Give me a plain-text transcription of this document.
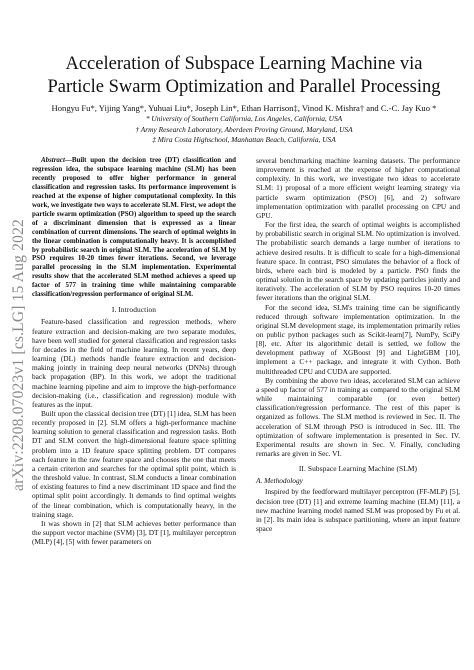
arXiv:2208.07023v1 [cs.LG] 15 Aug 2022
Acceleration of Subspace Learning Machine via
Particle Swarm Optimization and Parallel Processing
Hongyu Fu*, Yijing Yang*, Yuhuai Liu*, Joseph Lin*, Ethan Harrison‡, Vinod K. Mishra† and C.-C. Jay Kuo *
* University of Southern California, Los Angeles, California, USA
† Army Research Laboratory, Aberdeen Proving Ground, Maryland, USA
‡ Mira Costa Highschool, Manhattan Beach, California, USA

Abstract—Built upon the decision tree (DT) classification and regression idea, the subspace learning machine (SLM) has been recently proposed to offer higher performance in general classification and regression tasks. Its performance improvement is reached at the expense of higher computational complexity. In this work, we investigate two ways to accelerate SLM. First, we adopt the particle swarm optimization (PSO) algorithm to speed up the search of a discriminant dimension that is expressed as a linear combination of current dimensions. The search of optimal weights in the linear combination is computationally heavy. It is accomplished by probabilistic search in original SLM. The acceleration of SLM by PSO requires 10-20 times fewer iterations. Second, we leverage parallel processing in the SLM implementation. Experimental results show that the accelerated SLM method achieves a speed up factor of 577 in training time while maintaining comparable classification/regression performance of original SLM.

I. Introduction

Feature-based classification and regression methods, where feature extraction and decision-making are two separate modules, have been well studied for general classification and regression tasks for decades in the field of machine learning. In recent years, deep learning (DL) methods handle feature extraction and decision-making jointly in training deep neural networks (DNNs) through back propagation (BP). In this work, we adopt the traditional machine learning pipeline and aim to improve the high-performance decision-making (i.e., classification and regression) module with features as the input.

Built upon the classical decision tree (DT) [1] idea, SLM has been recently proposed in [2]. SLM offers a high-performance machine learning solution to general classification and regression tasks. Both DT and SLM convert the high-dimensional feature space splitting problem into a 1D feature space splitting problem. DT compares each feature in the raw feature space and chooses the one that meets a certain criterion and searches for the optimal split point, which is the threshold value. In contrast, SLM conducts a linear combination of existing features to find a new discriminant 1D space and find the optimal split point accordingly. It demands to find optimal weights of the linear combination, which is computationally heavy, in the training stage.

It was shown in [2] that SLM achieves better performance than the support vector machine (SVM) [3], DT [1], multilayer perceptron (MLP) [4], [5] with fewer parameters on

several benchmarking machine learning datasets. The performance improvement is reached at the expense of higher computational complexity. In this work, we investigate two ideas to accelerate SLM: 1) proposal of a more efficient weight learning strategy via particle swarm optimization (PSO) [6], and 2) software implementation optimization with parallel processing on CPU and GPU.

For the first idea, the search of optimal weights is accomplished by probabilistic search in original SLM. No optimization is involved. The probabilistic search demands a large number of iterations to achieve desired results. It is difficult to scale for a high-dimensional feature space. In contrast, PSO simulates the behavior of a flock of birds, where each bird is modeled by a particle. PSO finds the optimal solution in the search space by updating particles jointly and iteratively. The acceleration of SLM by PSO requires 10-20 times fewer iterations than the original SLM.

For the second idea, SLM's training time can be significantly reduced through software implementation optimization. In the original SLM development stage, its implementation primarily relies on public python packages such as Scikit-learn[7], NumPy, SciPy [8], etc. After its algorithmic detail is settled, we follow the development pathway of XGBoost [9] and LightGBM [10], implement a C++ package, and integrate it with Cython. Both multithreaded CPU and CUDA are supported.

By combining the above two ideas, accelerated SLM can achieve a speed up factor of 577 in training as compared to the original SLM while maintaining comparable (or even better) classification/regression performance. The rest of this paper is organized as follows. The SLM method is reviewed in Sec. II. The acceleration of SLM through PSO is introduced in Sec. III. The optimization of software implementation is presented in Sec. IV. Experimental results are shown in Sec. V. Finally, concluding remarks are given in Sec. VI.

II. Subspace Learning Machine (SLM)
A. Methodology

Inspired by the feedforward multilayer perceptron (FF-MLP) [5], decision tree (DT) [1] and extreme learning machine (ELM) [11], a new machine learning model named SLM was proposed by Fu et al. in [2]. Its main idea is subspace partitioning, where an input feature space
